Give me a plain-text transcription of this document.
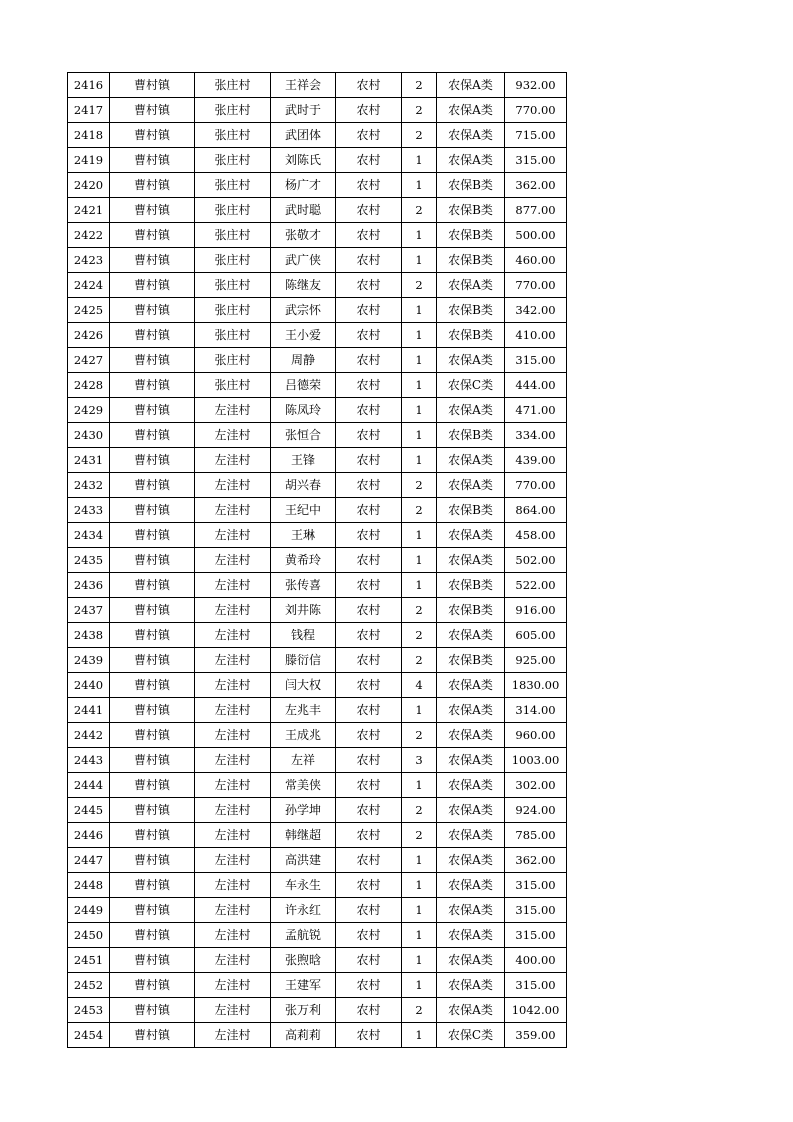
2416	曹村镇	张庄村	王祥会	农村	2	农保A类	932.00
2417	曹村镇	张庄村	武时于	农村	2	农保A类	770.00
2418	曹村镇	张庄村	武团体	农村	2	农保A类	715.00
2419	曹村镇	张庄村	刘陈氏	农村	1	农保A类	315.00
2420	曹村镇	张庄村	杨广才	农村	1	农保B类	362.00
2421	曹村镇	张庄村	武时聪	农村	2	农保B类	877.00
2422	曹村镇	张庄村	张敬才	农村	1	农保B类	500.00
2423	曹村镇	张庄村	武广侠	农村	1	农保B类	460.00
2424	曹村镇	张庄村	陈继友	农村	2	农保A类	770.00
2425	曹村镇	张庄村	武宗怀	农村	1	农保B类	342.00
2426	曹村镇	张庄村	王小爱	农村	1	农保B类	410.00
2427	曹村镇	张庄村	周静	农村	1	农保A类	315.00
2428	曹村镇	张庄村	吕德荣	农村	1	农保C类	444.00
2429	曹村镇	左洼村	陈凤玲	农村	1	农保A类	471.00
2430	曹村镇	左洼村	张恒合	农村	1	农保B类	334.00
2431	曹村镇	左洼村	王锋	农村	1	农保A类	439.00
2432	曹村镇	左洼村	胡兴春	农村	2	农保A类	770.00
2433	曹村镇	左洼村	王纪中	农村	2	农保B类	864.00
2434	曹村镇	左洼村	王琳	农村	1	农保A类	458.00
2435	曹村镇	左洼村	黄希玲	农村	1	农保A类	502.00
2436	曹村镇	左洼村	张传喜	农村	1	农保B类	522.00
2437	曹村镇	左洼村	刘井陈	农村	2	农保B类	916.00
2438	曹村镇	左洼村	钱程	农村	2	农保A类	605.00
2439	曹村镇	左洼村	滕衍信	农村	2	农保B类	925.00
2440	曹村镇	左洼村	闫大权	农村	4	农保A类	1830.00
2441	曹村镇	左洼村	左兆丰	农村	1	农保A类	314.00
2442	曹村镇	左洼村	王成兆	农村	2	农保A类	960.00
2443	曹村镇	左洼村	左祥	农村	3	农保A类	1003.00
2444	曹村镇	左洼村	常美侠	农村	1	农保A类	302.00
2445	曹村镇	左洼村	孙学坤	农村	2	农保A类	924.00
2446	曹村镇	左洼村	韩继超	农村	2	农保A类	785.00
2447	曹村镇	左洼村	高洪建	农村	1	农保A类	362.00
2448	曹村镇	左洼村	车永生	农村	1	农保A类	315.00
2449	曹村镇	左洼村	许永红	农村	1	农保A类	315.00
2450	曹村镇	左洼村	孟航锐	农村	1	农保A类	315.00
2451	曹村镇	左洼村	张煦晗	农村	1	农保A类	400.00
2452	曹村镇	左洼村	王建军	农村	1	农保A类	315.00
2453	曹村镇	左洼村	张万利	农村	2	农保A类	1042.00
2454	曹村镇	左洼村	高莉莉	农村	1	农保C类	359.00
